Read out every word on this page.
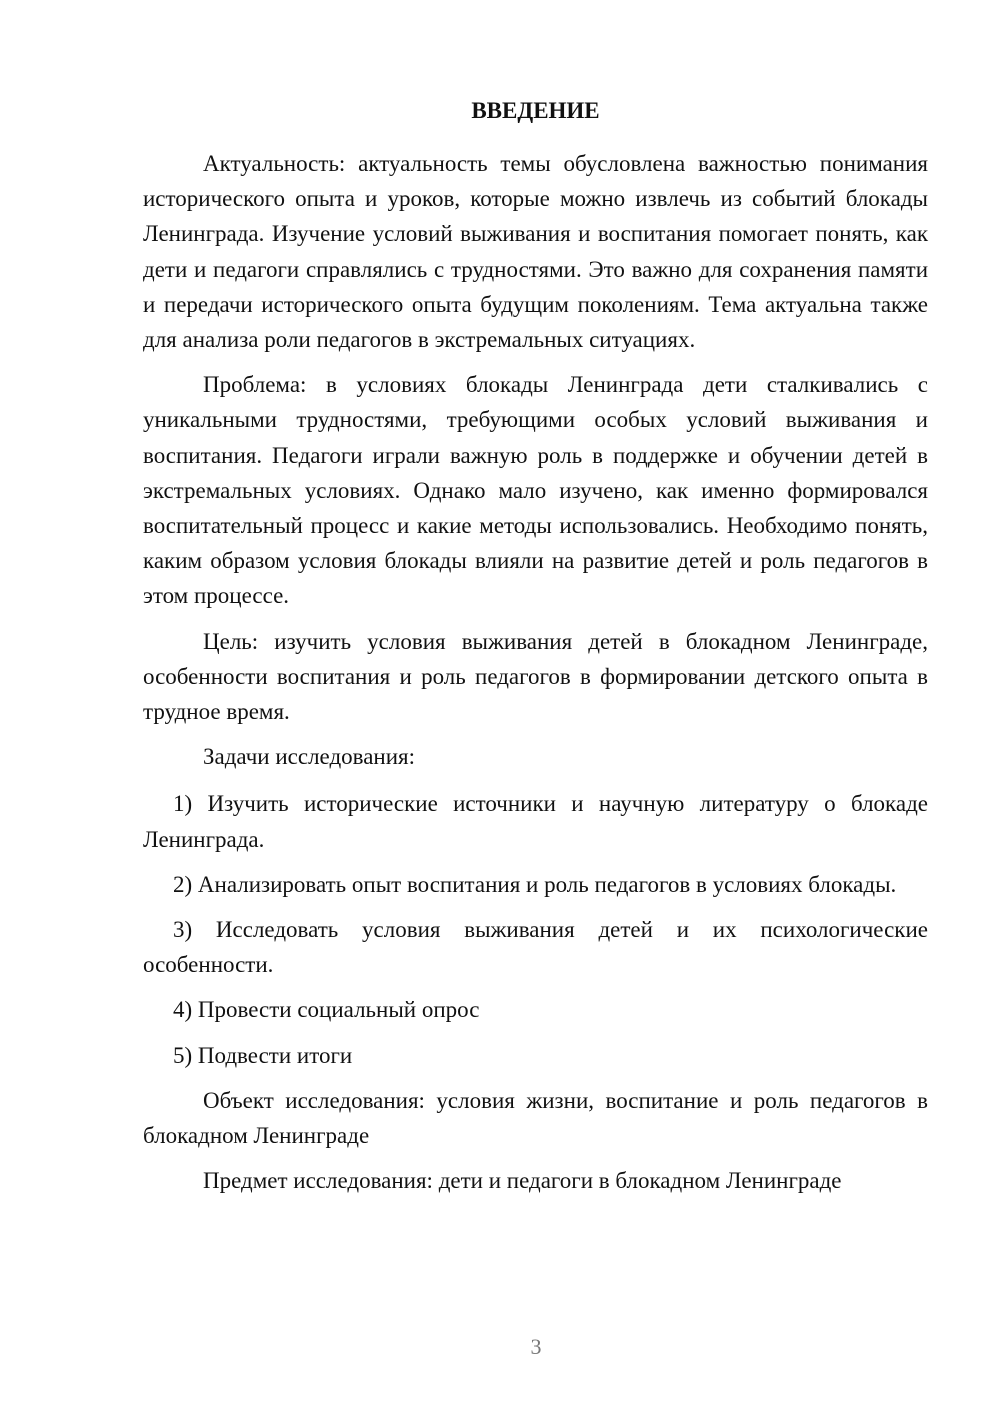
ВВЕДЕНИЕ
Актуальность: актуальность темы обусловлена важностью понимания исторического опыта и уроков, которые можно извлечь из событий блокады Ленинграда. Изучение условий выживания и воспитания помогает понять, как дети и педагоги справлялись с трудностями. Это важно для сохранения памяти и передачи исторического опыта будущим поколениям. Тема актуальна также для анализа роли педагогов в экстремальных ситуациях.
Проблема: в условиях блокады Ленинграда дети сталкивались с уникальными трудностями, требующими особых условий выживания и воспитания. Педагоги играли важную роль в поддержке и обучении детей в экстремальных условиях. Однако мало изучено, как именно формировался воспитательный процесс и какие методы использовались. Необходимо понять, каким образом условия блокады влияли на развитие детей и роль педагогов в этом процессе.
Цель: изучить условия выживания детей в блокадном Ленинграде, особенности воспитания и роль педагогов в формировании детского опыта в трудное время.
Задачи исследования:
1) Изучить исторические источники и научную литературу о блокаде Ленинграда.
2) Анализировать опыт воспитания и роль педагогов в условиях блокады.
3) Исследовать условия выживания детей и их психологические особенности.
4) Провести социальный опрос
5) Подвести итоги
Объект исследования: условия жизни, воспитание и роль педагогов в блокадном Ленинграде
Предмет исследования: дети и педагоги в блокадном Ленинграде
3
